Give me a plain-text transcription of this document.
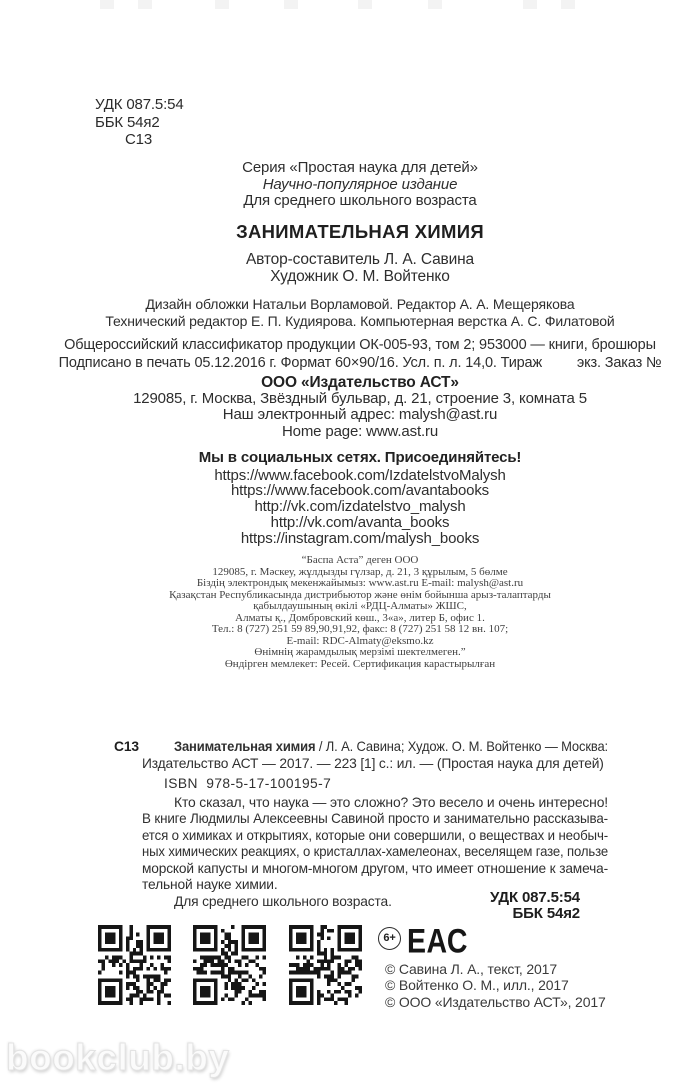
УДК 087.5:54
ББК 54я2
С13
Серия «Простая наука для детей»
Научно-популярное издание
Для среднего школьного возраста
ЗАНИМАТЕЛЬНАЯ ХИМИЯ
Автор-составитель Л. А. Савина
Художник О. М. Войтенко
Дизайн обложки Натальи Ворламовой. Редактор А. А. Мещерякова
Технический редактор Е. П. Кудиярова. Компьютерная верстка А. С. Филатовой
Общероссийский классификатор продукции ОК-005-93, том 2; 953000 — книги, брошюры
Подписано в печать 05.12.2016 г. Формат 60×90/16. Усл. п. л. 14,0. Тираж         экз. Заказ №
ООО «Издательство АСТ»
129085, г. Москва, Звёздный бульвар, д. 21, строение 3, комната 5
Наш электронный адрес: malysh@ast.ru
Home page: www.ast.ru
Мы в социальных сетях. Присоединяйтесь!
https://www.facebook.com/IzdatelstvoMalysh
https://www.facebook.com/avantabooks
http://vk.com/izdatelstvo_malysh
http://vk.com/avanta_books
https://instagram.com/malysh_books
“Баспа Аста” деген ООО
129085, г. Мәскеу, жұлдызды гүлзар, д. 21, 3 құрылым, 5 бөлме
Біздің электрондық мекенжайымыз: www.ast.ru E-mail: malysh@ast.ru
Қазақстан Республикасында дистрибьютор және өнім бойынша арыз-талаптарды
қабылдаушының өкілі «РДЦ-Алматы» ЖШС,
Алматы қ., Домбровский көш., 3«а», литер Б, офис 1.
Тел.: 8 (727) 251 59 89,90,91,92, факс: 8 (727) 251 58 12 вн. 107;
E-mail: RDC-Almaty@eksmo.kz
Өнімнің жарамдылық мерзімі шектелмеген.”
Өндірген мемлекет: Ресей. Сертификация карастырылған
С13	Занимательная химия / Л. А. Савина; Худож. О. М. Войтенко — Москва:
Издательство АСТ — 2017. — 223 [1] с.: ил. — (Простая наука для детей)
ISBN  978-5-17-100195-7
Кто сказал, что наука — это сложно? Это весело и очень интересно!
В книге Людмилы Алексеевны Савиной просто и занимательно рассказыва-
ется о химиках и открытиях, которые они совершили, о веществах и необыч-
ных химических реакциях, о кристаллах-хамелеонах, веселящем газе, пользе
морской капусты и многом-многом другом, что имеет отношение к замеча-
тельной науке химии.
Для среднего школьного возраста.	УДК 087.5:54
ББК 54я2
6+ ЕАС
© Савина Л. А., текст, 2017
© Войтенко О. М., илл., 2017
© ООО «Издательство АСТ», 2017
bookclub.by
